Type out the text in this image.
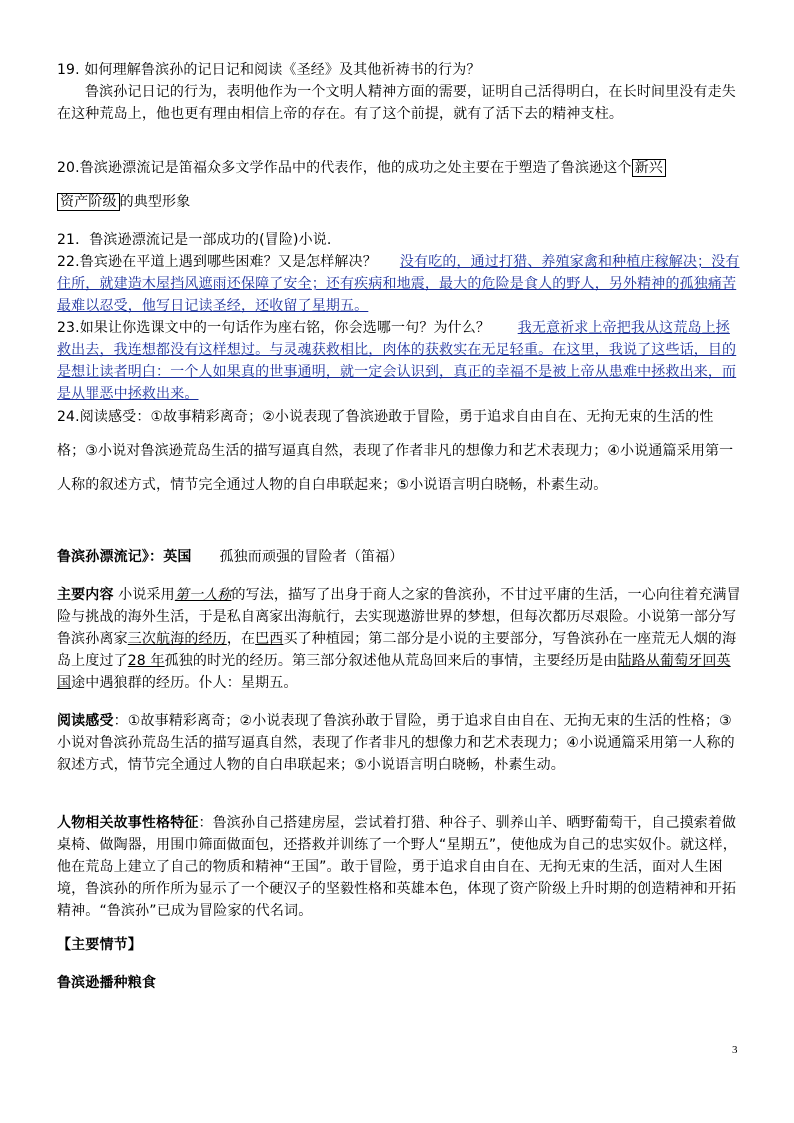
19. 如何理解鲁滨孙的记日记和阅读《圣经》及其他祈祷书的行为？
鲁滨孙记日记的行为，表明他作为一个文明人精神方面的需要，证明自己活得明白，在长时间里没有走失在这种荒岛上，他也更有理由相信上帝的存在。有了这个前提，就有了活下去的精神支柱。
20.鲁滨逊漂流记是笛福众多文学作品中的代表作，他的成功之处主要在于塑造了鲁滨逊这个 新兴
资产阶级 的典型形象
21．鲁滨逊漂流记是一部成功的(冒险)小说.
22.鲁宾逊在平道上遇到哪些困难？又是怎样解决？ 没有吃的，通过打猎、养殖家禽和种植庄稼解决；没有住所，就建造木屋挡风遮雨还保障了安全；还有疾病和地震，最大的危险是食人的野人，另外精神的孤独痛苦最难以忍受，他写日记读圣经，还收留了星期五。
23.如果让你选课文中的一句话作为座右铭，你会选哪一句？为什么？ 我无意祈求上帝把我从这荒岛上拯救出去，我连想都没有这样想过。与灵魂获救相比，肉体的获救实在无足轻重。在这里，我说了这些话，目的是想让读者明白：一个人如果真的世事通明，就一定会认识到，真正的幸福不是被上帝从患难中拯救出来，而是从罪恶中拯救出来。
24.阅读感受：①故事精彩离奇；②小说表现了鲁滨逊敢于冒险，勇于追求自由自在、无拘无束的生活的性格；③小说对鲁滨逊荒岛生活的描写逼真自然，表现了作者非凡的想像力和艺术表现力；④小说通篇采用第一人称的叙述方式，情节完全通过人物的自白串联起来；⑤小说语言明白晓畅，朴素生动。
鲁滨孙漂流记》：英国 孤独而顽强的冒险者（笛福）
主要内容 小说采用第一人称的写法，描写了出身于商人之家的鲁滨孙，不甘过平庸的生活，一心向往着充满冒险与挑战的海外生活，于是私自离家出海航行，去实现遨游世界的梦想，但每次都历尽艰险。小说第一部分写鲁滨孙离家三次航海的经历，在巴西买了种植园；第二部分是小说的主要部分，写鲁滨孙在一座荒无人烟的海岛上度过了28 年孤独的时光的经历。第三部分叙述他从荒岛回来后的事情，主要经历是由陆路从葡萄牙回英国途中遇狼群的经历。仆人：星期五。
阅读感受：①故事精彩离奇；②小说表现了鲁滨孙敢于冒险，勇于追求自由自在、无拘无束的生活的性格；③小说对鲁滨孙荒岛生活的描写逼真自然，表现了作者非凡的想像力和艺术表现力；④小说通篇采用第一人称的叙述方式，情节完全通过人物的自白串联起来；⑤小说语言明白晓畅，朴素生动。
人物相关故事性格特征：鲁滨孙自己搭建房屋，尝试着打猎、种谷子、驯养山羊、晒野葡萄干，自己摸索着做桌椅、做陶器，用围巾筛面做面包，还搭救并训练了一个野人“星期五”，使他成为自己的忠实奴仆。就这样，他在荒岛上建立了自己的物质和精神“王国”。敢于冒险，勇于追求自由自在、无拘无束的生活，面对人生困境，鲁滨孙的所作所为显示了一个硬汉子的坚毅性格和英雄本色，体现了资产阶级上升时期的创造精神和开拓精神。“鲁滨孙”已成为冒险家的代名词。
【主要情节】
鲁滨逊播种粮食
3
